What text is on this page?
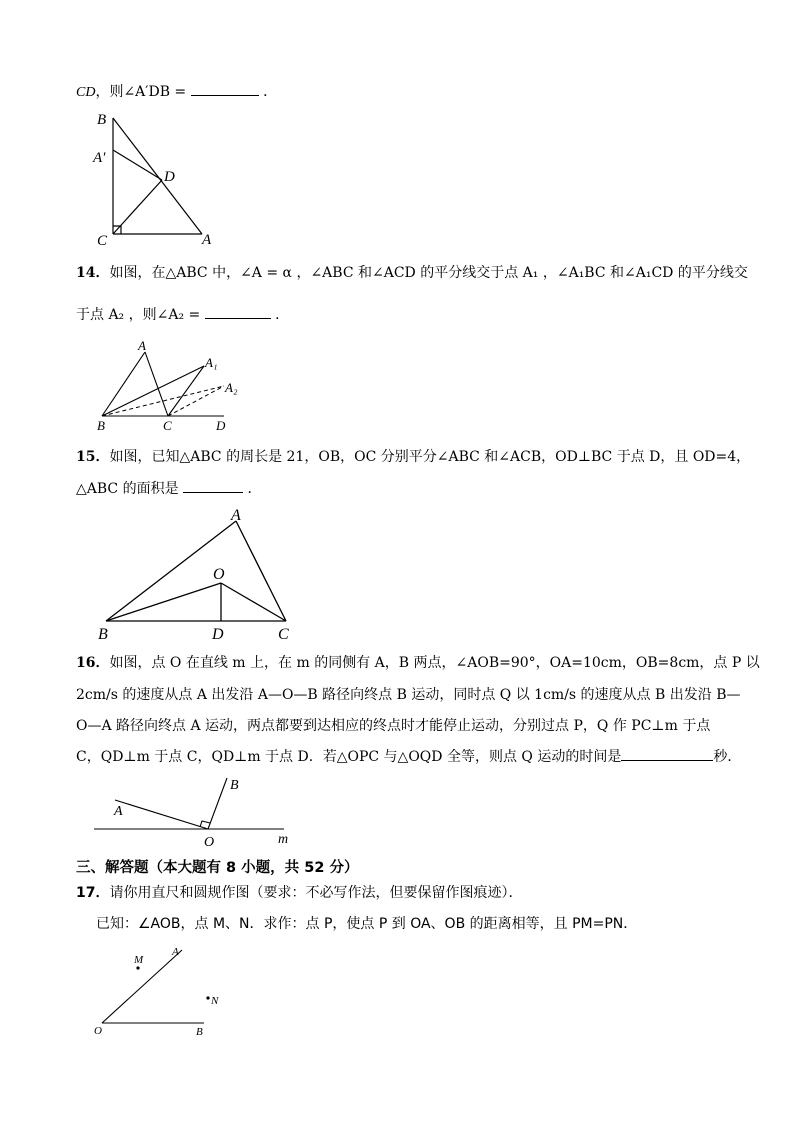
CD，则∠A′DB =	．
B
A′
D
C	A
14．如图，在△ABC 中，∠A = α ，∠ABC 和∠ACD 的平分线交于点 A₁ ，∠A₁BC 和∠A₁CD 的平分线交
于点 A₂ ，则∠A₂ =	．
A
A₁
A₂
B	C	D
15．如图，已知△ABC 的周长是 21，OB，OC 分别平分∠ABC 和∠ACB，OD⊥BC 于点 D，且 OD=4，
△ABC 的面积是	．
A
O
B	D	C
16．如图，点 O 在直线 m 上，在 m 的同侧有 A，B 两点，∠AOB=90°，OA=10cm，OB=8cm，点 P 以
2cm/s 的速度从点 A 出发沿 A—O—B 路径向终点 B 运动，同时点 Q 以 1cm/s 的速度从点 B 出发沿 B—
O—A 路径向终点 A 运动，两点都要到达相应的终点时才能停止运动，分别过点 P，Q 作 PC⊥m 于点
C，QD⊥m 于点 C，QD⊥m 于点 D．若△OPC 与△OQD 全等，则点 Q 运动的时间是	秒．
A
B
O	m
三、解答题（本大题有 8 小题，共 52 分）
17．请你用直尺和圆规作图（要求：不必写作法，但要保留作图痕迹）．
已知：∠AOB，点 M、N．求作：点 P，使点 P 到 OA、OB 的距离相等，且 PM=PN．
M
A
N
O	B
